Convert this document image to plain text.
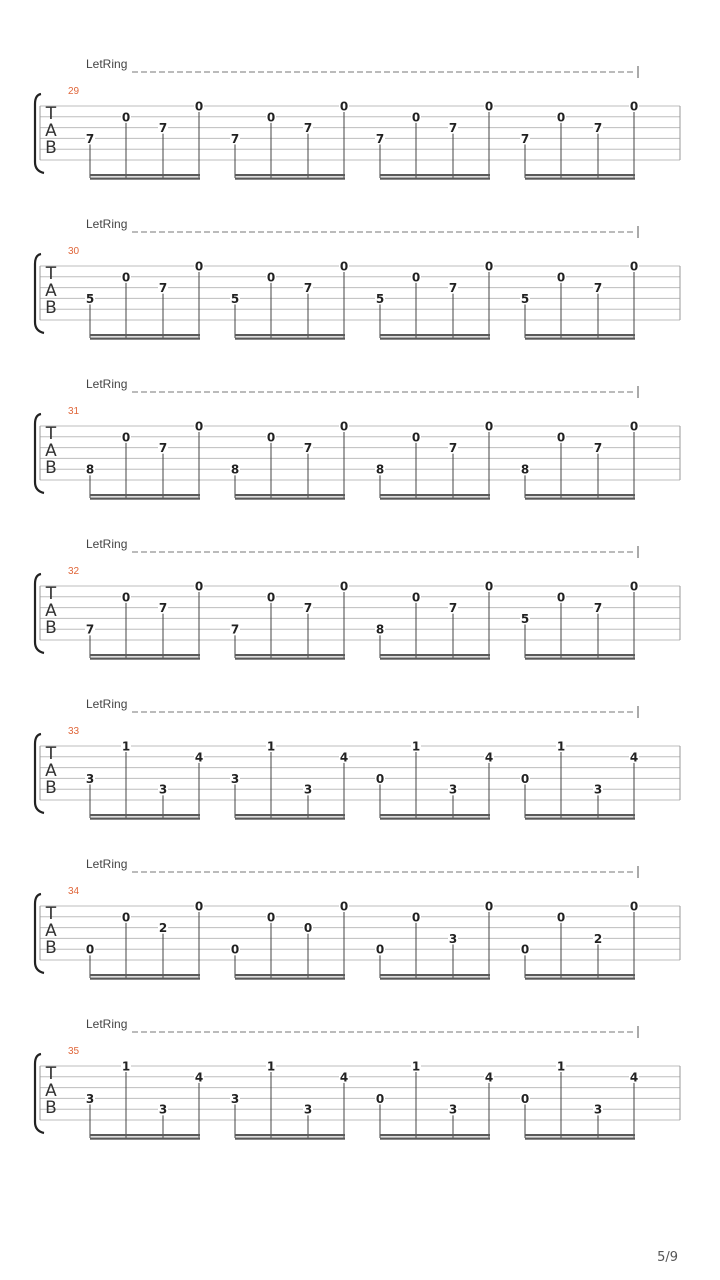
LetRing
29
T
A
B 7
0
7
0
7
0
7
0
7
0
7
0
7
0
7
0
LetRing
30
T
A
B 5
0
7
0
5
0
7
0
5
0
7
0
5
0
7
0
LetRing
31
T
A
B 8
0
7
0
8
0
7
0
8
0
7
0
8
0
7
0
LetRing
32
T
A
B 7
0
7
0
7
0
7
0
8
0
7
0
5
0
7
0
LetRing
33
T
A
B 3
1
3
4
3
1
3
4
0
1
3
4
0
1
3
4
LetRing
34
T
A
B 0
0
2
0
0
0
0
0
0
0
3
0
0
0
2
0
LetRing
35
T
A
B 3
1
3
4
3
1
3
4
0
1
3
4
0
1
3
4
5/9
